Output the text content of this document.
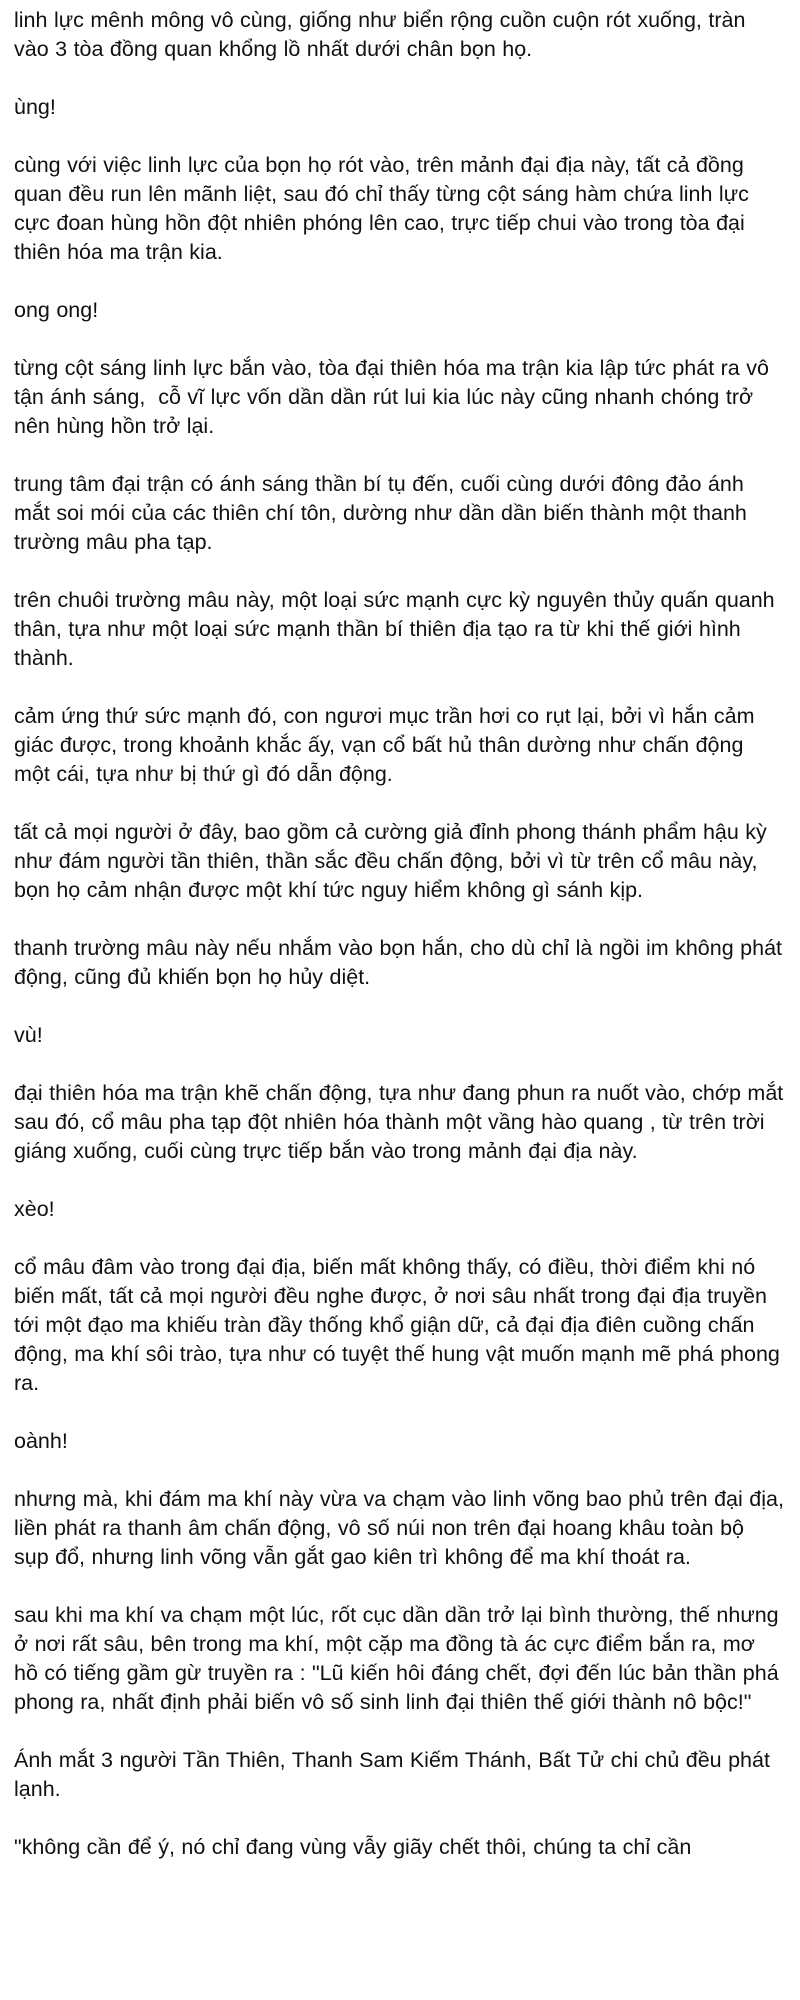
linh lực mênh mông vô cùng, giống như biển rộng cuồn cuộn rót xuống, tràn vào 3 tòa đồng quan khổng lồ nhất dưới chân bọn họ.

ùng!

cùng với việc linh lực của bọn họ rót vào, trên mảnh đại địa này, tất cả đồng quan đều run lên mãnh liệt, sau đó chỉ thấy từng cột sáng hàm chứa linh lực cực đoan hùng hồn đột nhiên phóng lên cao, trực tiếp chui vào trong tòa đại thiên hóa ma trận kia.

ong ong!

từng cột sáng linh lực bắn vào, tòa đại thiên hóa ma trận kia lập tức phát ra vô tận ánh sáng,  cỗ vĩ lực vốn dần dần rút lui kia lúc này cũng nhanh chóng trở nên hùng hồn trở lại.

trung tâm đại trận có ánh sáng thần bí tụ đến, cuối cùng dưới đông đảo ánh mắt soi mói của các thiên chí tôn, dường như dần dần biến thành một thanh trường mâu pha tạp.

trên chuôi trường mâu này, một loại sức mạnh cực kỳ nguyên thủy quấn quanh thân, tựa như một loại sức mạnh thần bí thiên địa tạo ra từ khi thế giới hình thành.

cảm ứng thứ sức mạnh đó, con ngươi mục trần hơi co rụt lại, bởi vì hắn cảm giác được, trong khoảnh khắc ấy, vạn cổ bất hủ thân dường như chấn động một cái, tựa như bị thứ gì đó dẫn động.

tất cả mọi người ở đây, bao gồm cả cường giả đỉnh phong thánh phẩm hậu kỳ như đám người tần thiên, thần sắc đều chấn động, bởi vì từ trên cổ mâu này, bọn họ cảm nhận được một khí tức nguy hiểm không gì sánh kịp.

thanh trường mâu này nếu nhắm vào bọn hắn, cho dù chỉ là ngồi im không phát động, cũng đủ khiến bọn họ hủy diệt.

vù!

đại thiên hóa ma trận khẽ chấn động, tựa như đang phun ra nuốt vào, chớp mắt sau đó, cổ mâu pha tạp đột nhiên hóa thành một vầng hào quang , từ trên trời giáng xuống, cuối cùng trực tiếp bắn vào trong mảnh đại địa này.

xèo!

cổ mâu đâm vào trong đại địa, biến mất không thấy, có điều, thời điểm khi nó biến mất, tất cả mọi người đều nghe được, ở nơi sâu nhất trong đại địa truyền tới một đạo ma khiếu tràn đầy thống khổ giận dữ, cả đại địa điên cuồng chấn động, ma khí sôi trào, tựa như có tuyệt thế hung vật muốn mạnh mẽ phá phong ra.

oành!

nhưng mà, khi đám ma khí này vừa va chạm vào linh võng bao phủ trên đại địa, liền phát ra thanh âm chấn động, vô số núi non trên đại hoang khâu toàn bộ sụp đổ, nhưng linh võng vẫn gắt gao kiên trì không để ma khí thoát ra.

sau khi ma khí va chạm một lúc, rốt cục dần dần trở lại bình thường, thế nhưng ở nơi rất sâu, bên trong ma khí, một cặp ma đồng tà ác cực điểm bắn ra, mơ hồ có tiếng gầm gừ truyền ra : "Lũ kiến hôi đáng chết, đợi đến lúc bản thần phá phong ra, nhất định phải biến vô số sinh linh đại thiên thế giới thành nô bộc!"

Ánh mắt 3 người Tần Thiên, Thanh Sam Kiếm Thánh, Bất Tử chi chủ đều phát lạnh.

"không cần để ý, nó chỉ đang vùng vẫy giãy chết thôi, chúng ta chỉ cần
